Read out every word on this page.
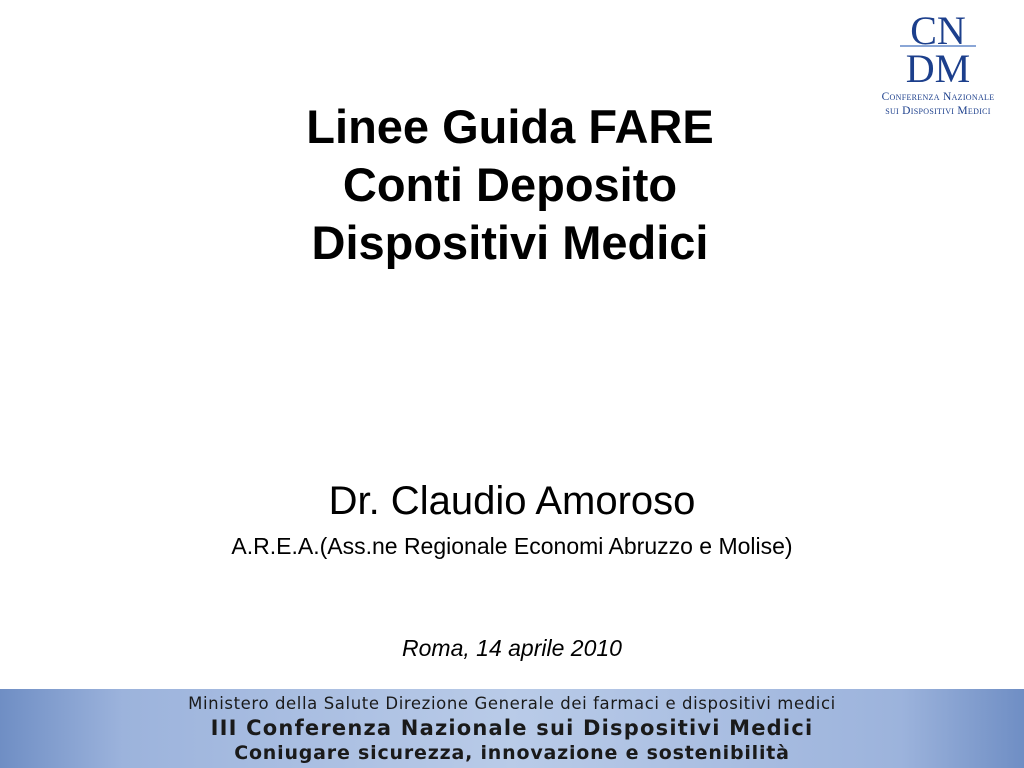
CN
DM
Conferenza Nazionale
sui Dispositivi Medici
Linee Guida FARE
Conti Deposito
Dispositivi Medici
Dr. Claudio Amoroso
A.R.E.A.(Ass.ne Regionale Economi Abruzzo e Molise)
Roma, 14 aprile 2010
Ministero della Salute Direzione Generale dei farmaci e dispositivi medici
III Conferenza Nazionale sui Dispositivi Medici
Coniugare sicurezza, innovazione e sostenibilità
